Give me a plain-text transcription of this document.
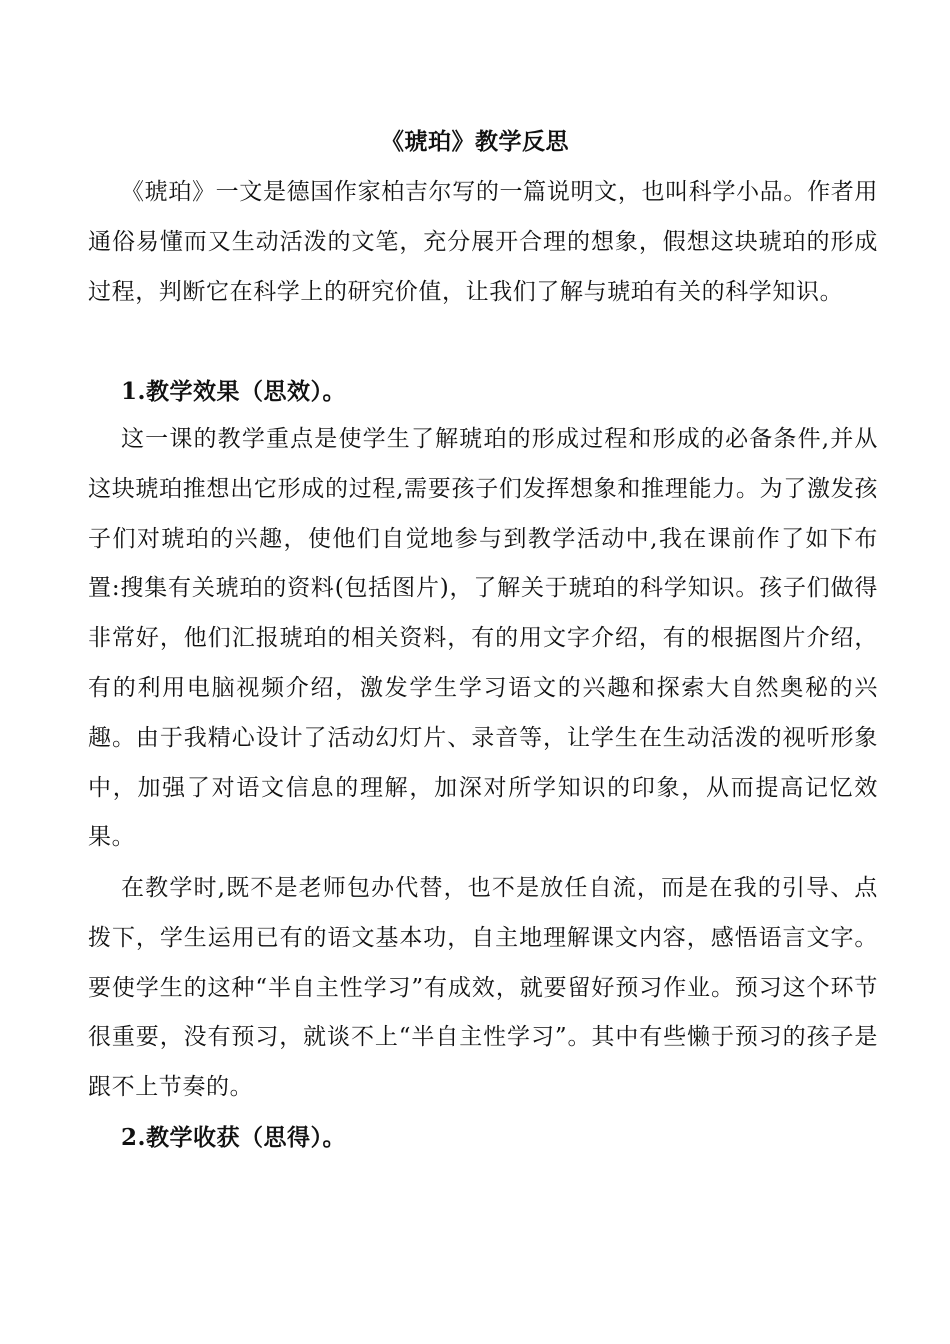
《琥珀》教学反思

《琥珀》一文是德国作家柏吉尔写的一篇说明文，也叫科学小品。作者用通俗易懂而又生动活泼的文笔，充分展开合理的想象，假想这块琥珀的形成过程，判断它在科学上的研究价值，让我们了解与琥珀有关的科学知识。

1.教学效果（思效）。

这一课的教学重点是使学生了解琥珀的形成过程和形成的必备条件,并从这块琥珀推想出它形成的过程,需要孩子们发挥想象和推理能力。为了激发孩子们对琥珀的兴趣，使他们自觉地参与到教学活动中,我在课前作了如下布置:搜集有关琥珀的资料(包括图片)，了解关于琥珀的科学知识。孩子们做得非常好，他们汇报琥珀的相关资料，有的用文字介绍，有的根据图片介绍，有的利用电脑视频介绍，激发学生学习语文的兴趣和探索大自然奥秘的兴趣。由于我精心设计了活动幻灯片、录音等，让学生在生动活泼的视听形象中，加强了对语文信息的理解，加深对所学知识的印象，从而提高记忆效果。

在教学时,既不是老师包办代替，也不是放任自流，而是在我的引导、点拨下，学生运用已有的语文基本功，自主地理解课文内容，感悟语言文字。要使学生的这种“半自主性学习”有成效，就要留好预习作业。预习这个环节很重要，没有预习，就谈不上“半自主性学习”。其中有些懒于预习的孩子是跟不上节奏的。

2.教学收获（思得）。
